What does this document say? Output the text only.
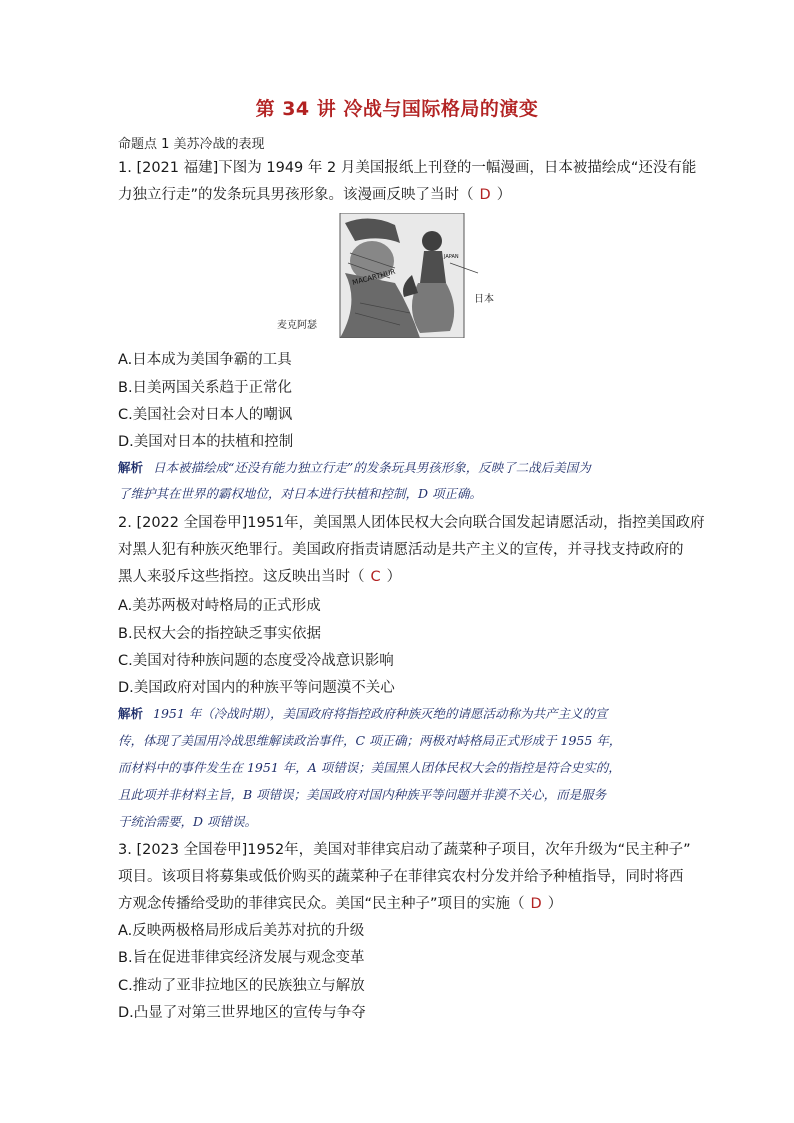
第 34 讲 冷战与国际格局的演变
命题点 1 美苏冷战的表现
1. [2021 福建]下图为 1949 年 2 月美国报纸上刊登的一幅漫画，日本被描绘成“还没有能
力独立行走”的发条玩具男孩形象。该漫画反映了当时（ D ）
MACARTHUR
JAPAN
麦克阿瑟
日本
A.日本成为美国争霸的工具
B.日美两国关系趋于正常化
C.美国社会对日本人的嘲讽
D.美国对日本的扶植和控制
解析 日本被描绘成“还没有能力独立行走”的发条玩具男孩形象，反映了二战后美国为
了维护其在世界的霸权地位，对日本进行扶植和控制，D 项正确。
2. [2022 全国卷甲]1951年，美国黑人团体民权大会向联合国发起请愿活动，指控美国政府
对黑人犯有种族灭绝罪行。美国政府指责请愿活动是共产主义的宣传，并寻找支持政府的
黑人来驳斥这些指控。这反映出当时（ C ）
A.美苏两极对峙格局的正式形成
B.民权大会的指控缺乏事实依据
C.美国对待种族问题的态度受冷战意识影响
D.美国政府对国内的种族平等问题漠不关心
解析 1951 年（冷战时期），美国政府将指控政府种族灭绝的请愿活动称为共产主义的宣
传，体现了美国用冷战思维解读政治事件，C 项正确；两极对峙格局正式形成于 1955 年，
而材料中的事件发生在 1951 年，A 项错误；美国黑人团体民权大会的指控是符合史实的，
且此项并非材料主旨，B 项错误；美国政府对国内种族平等问题并非漠不关心，而是服务
于统治需要，D 项错误。
3. [2023 全国卷甲]1952年，美国对菲律宾启动了蔬菜种子项目，次年升级为“民主种子”
项目。该项目将募集或低价购买的蔬菜种子在菲律宾农村分发并给予种植指导，同时将西
方观念传播给受助的菲律宾民众。美国“民主种子”项目的实施（ D ）
A.反映两极格局形成后美苏对抗的升级
B.旨在促进菲律宾经济发展与观念变革
C.推动了亚非拉地区的民族独立与解放
D.凸显了对第三世界地区的宣传与争夺
